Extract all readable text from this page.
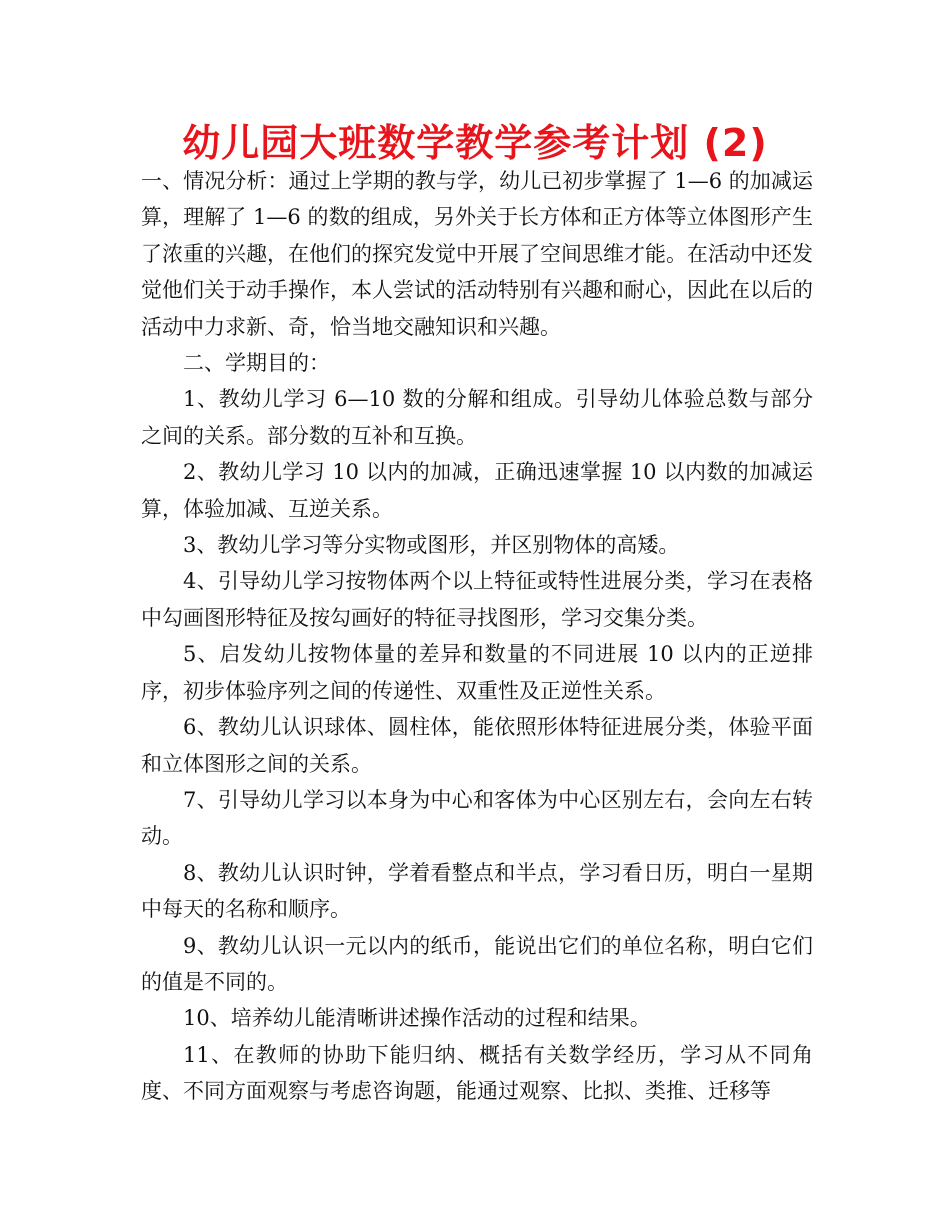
幼儿园大班数学教学参考计划 (2)

一、情况分析：通过上学期的教与学，幼儿已初步掌握了 1—6 的加减运算，理解了 1—6 的数的组成，另外关于长方体和正方体等立体图形产生了浓重的兴趣，在他们的探究发觉中开展了空间思维才能。在活动中还发觉他们关于动手操作，本人尝试的活动特别有兴趣和耐心，因此在以后的活动中力求新、奇，恰当地交融知识和兴趣。

二、学期目的：

1、教幼儿学习 6—10 数的分解和组成。引导幼儿体验总数与部分之间的关系。部分数的互补和互换。

2、教幼儿学习 10 以内的加减，正确迅速掌握 10 以内数的加减运算，体验加减、互逆关系。

3、教幼儿学习等分实物或图形，并区别物体的高矮。

4、引导幼儿学习按物体两个以上特征或特性进展分类，学习在表格中勾画图形特征及按勾画好的特征寻找图形，学习交集分类。

5、启发幼儿按物体量的差异和数量的不同进展 10 以内的正逆排序，初步体验序列之间的传递性、双重性及正逆性关系。

6、教幼儿认识球体、圆柱体，能依照形体特征进展分类，体验平面和立体图形之间的关系。

7、引导幼儿学习以本身为中心和客体为中心区别左右，会向左右转动。

8、教幼儿认识时钟，学着看整点和半点，学习看日历，明白一星期中每天的名称和顺序。

9、教幼儿认识一元以内的纸币，能说出它们的单位名称，明白它们的值是不同的。

10、培养幼儿能清晰讲述操作活动的过程和结果。

11、在教师的协助下能归纳、概括有关数学经历，学习从不同角度、不同方面观察与考虑咨询题，能通过观察、比拟、类推、迁移等
